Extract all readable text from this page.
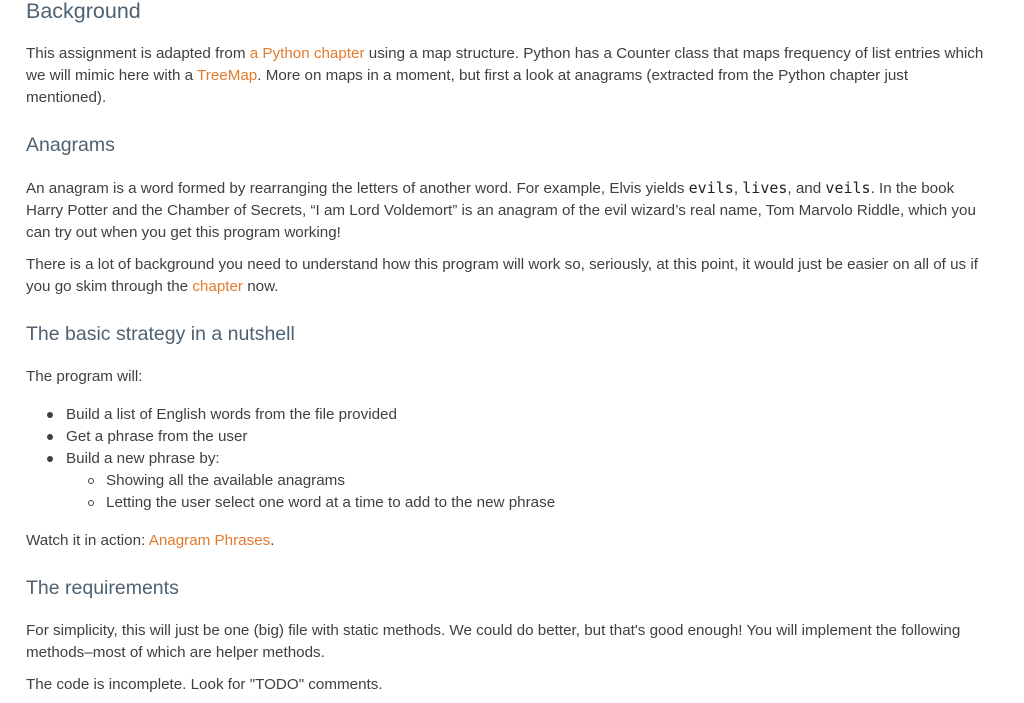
Background

This assignment is adapted from a Python chapter using a map structure. Python has a Counter class that maps frequency of list entries which we will mimic here with a TreeMap. More on maps in a moment, but first a look at anagrams (extracted from the Python chapter just mentioned).

Anagrams

An anagram is a word formed by rearranging the letters of another word. For example, Elvis yields evils, lives, and veils. In the book Harry Potter and the Chamber of Secrets, “I am Lord Voldemort” is an anagram of the evil wizard’s real name, Tom Marvolo Riddle, which you can try out when you get this program working!

There is a lot of background you need to understand how this program will work so, seriously, at this point, it would just be easier on all of us if you go skim through the chapter now.

The basic strategy in a nutshell

The program will:

Build a list of English words from the file provided
Get a phrase from the user
Build a new phrase by:
Showing all the available anagrams
Letting the user select one word at a time to add to the new phrase

Watch it in action: Anagram Phrases.

The requirements

For simplicity, this will just be one (big) file with static methods. We could do better, but that's good enough! You will implement the following methods–most of which are helper methods.

The code is incomplete. Look for "TODO" comments.
